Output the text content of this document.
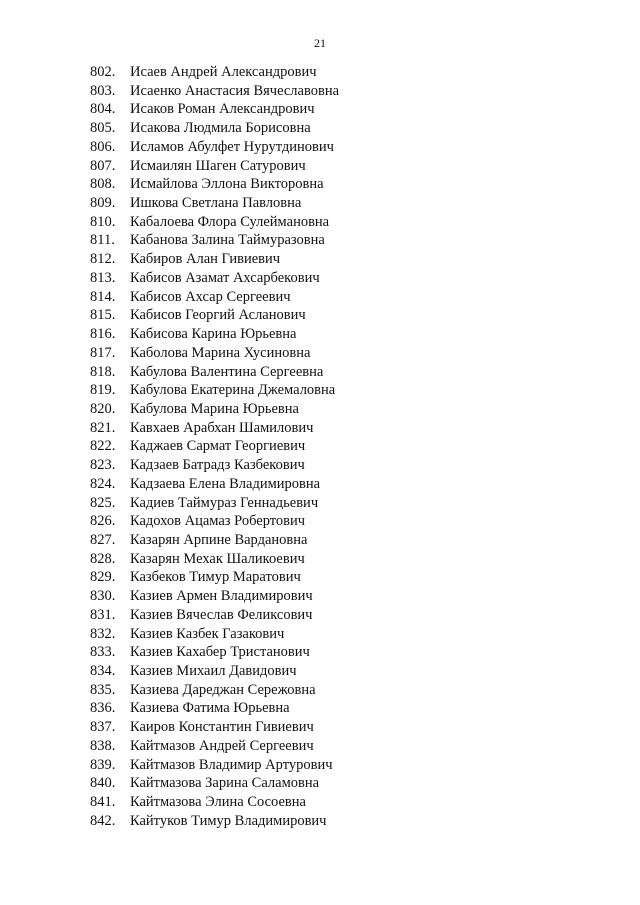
21
802.	Исаев Андрей Александрович
803.	Исаенко Анастасия Вячеславовна
804.	Исаков Роман Александрович
805.	Исакова Людмила Борисовна
806.	Исламов Абулфет Нурутдинович
807.	Исмаилян Шаген Сатурович
808.	Исмайлова Эллона Викторовна
809.	Ишкова Светлана Павловна
810.	Кабалоева Флора Сулеймановна
811.	Кабанова Залина Таймуразовна
812.	Кабиров Алан Гивиевич
813.	Кабисов Азамат Ахсарбекович
814.	Кабисов Ахсар Сергеевич
815.	Кабисов Георгий Асланович
816.	Кабисова Карина Юрьевна
817.	Каболова Марина Хусиновна
818.	Кабулова Валентина Сергеевна
819.	Кабулова Екатерина Джемаловна
820.	Кабулова Марина Юрьевна
821.	Кавхаев Арабхан Шамилович
822.	Каджаев Сармат Георгиевич
823.	Кадзаев Батрадз Казбекович
824.	Кадзаева Елена Владимировна
825.	Кадиев Таймураз Геннадьевич
826.	Кадохов Ацамаз Робертович
827.	Казарян Арпине Вардановна
828.	Казарян Мехак Шаликоевич
829.	Казбеков Тимур Маратович
830.	Казиев Армен Владимирович
831.	Казиев Вячеслав Феликсович
832.	Казиев Казбек Газакович
833.	Казиев Кахабер Тристанович
834.	Казиев Михаил Давидович
835.	Казиева Дареджан Сережовна
836.	Казиева Фатима Юрьевна
837.	Каиров Константин Гивиевич
838.	Кайтмазов Андрей Сергеевич
839.	Кайтмазов Владимир Артурович
840.	Кайтмазова Зарина Саламовна
841.	Кайтмазова Элина Сосоевна
842.	Кайтуков Тимур Владимирович
